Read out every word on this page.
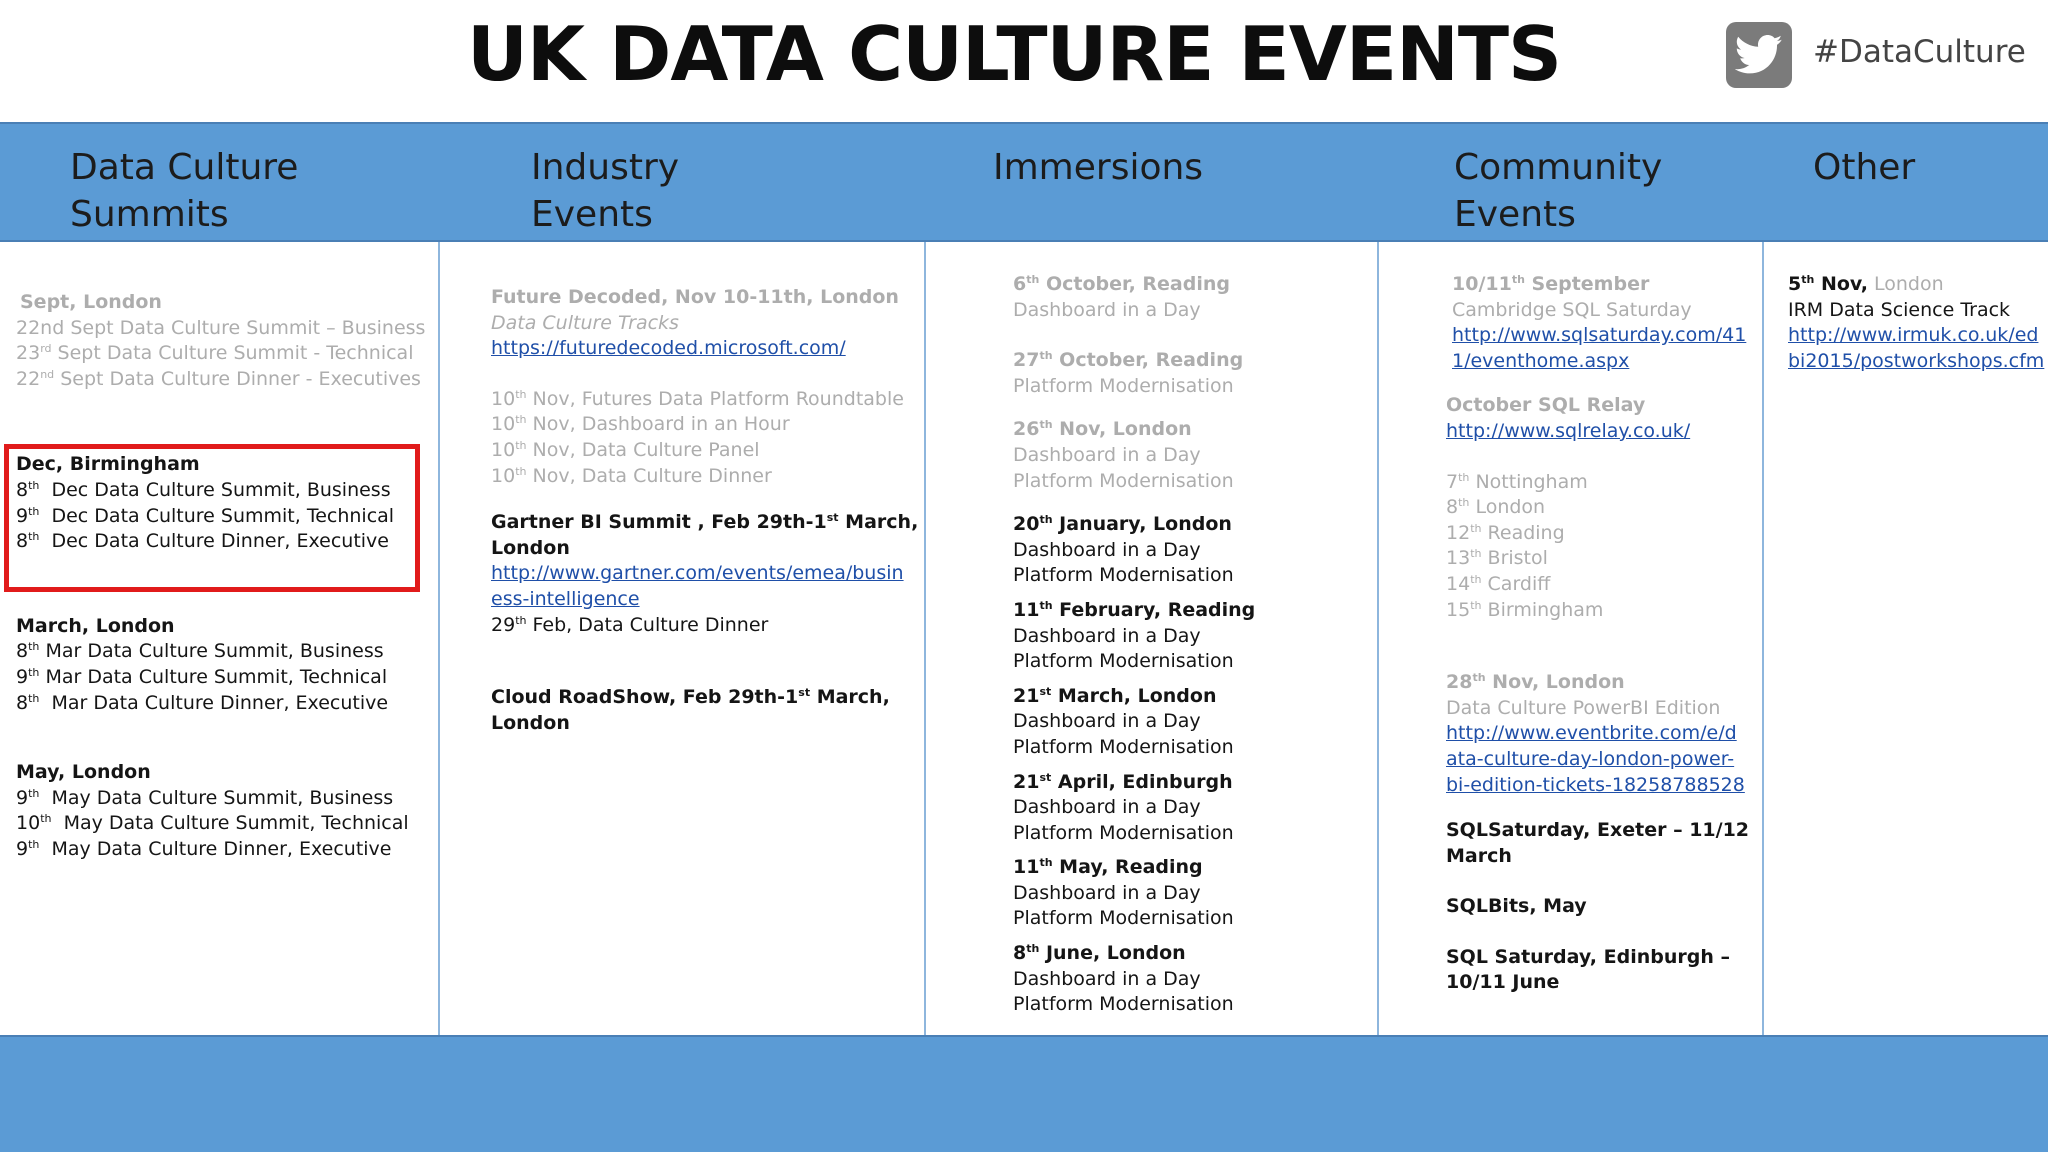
UK DATA CULTURE EVENTS	#DataCulture
Data Culture
Summits
Industry
Events
Immersions	Community
Events
Other
Sept, London
22nd Sept Data Culture Summit – Business
23rd Sept Data Culture Summit - Technical
22nd Sept Data Culture Dinner - Executives
Dec, Birmingham
8th Dec Data Culture Summit, Business
9th Dec Data Culture Summit, Technical
8th Dec Data Culture Dinner, Executive
March, London
8th Mar Data Culture Summit, Business
9th Mar Data Culture Summit, Technical
8th Mar Data Culture Dinner, Executive
May, London
9th May Data Culture Summit, Business
10th May Data Culture Summit, Technical
9th May Data Culture Dinner, Executive
Future Decoded, Nov 10-11th, London
Data Culture Tracks
https://futuredecoded.microsoft.com/
10th Nov, Futures Data Platform Roundtable
10th Nov, Dashboard in an Hour
10th Nov, Data Culture Panel
10th Nov, Data Culture Dinner
Gartner BI Summit , Feb 29th-1st March,
London
http://www.gartner.com/events/emea/busin
ess-intelligence
29th Feb, Data Culture Dinner
Cloud RoadShow, Feb 29th-1st March,
London
6th October, Reading
Dashboard in a Day
27th October, Reading
Platform Modernisation
26th Nov, London
Dashboard in a Day
Platform Modernisation
20th January, London
Dashboard in a Day
Platform Modernisation
11th February, Reading
Dashboard in a Day
Platform Modernisation
21st March, London
Dashboard in a Day
Platform Modernisation
21st April, Edinburgh
Dashboard in a Day
Platform Modernisation
11th May, Reading
Dashboard in a Day
Platform Modernisation
8th June, London
Dashboard in a Day
Platform Modernisation
10/11th September
Cambridge SQL Saturday
http://www.sqlsaturday.com/41
1/eventhome.aspx
October SQL Relay
http://www.sqlrelay.co.uk/
7th Nottingham
8th London
12th Reading
13th Bristol
14th Cardiff
15th Birmingham
28th Nov, London
Data Culture PowerBI Edition
http://www.eventbrite.com/e/d
ata-culture-day-london-power-
bi-edition-tickets-18258788528
SQLSaturday, Exeter – 11/12
March
SQLBits, May
SQL Saturday, Edinburgh –
10/11 June
5th Nov, London
IRM Data Science Track
http://www.irmuk.co.uk/ed
bi2015/postworkshops.cfm
